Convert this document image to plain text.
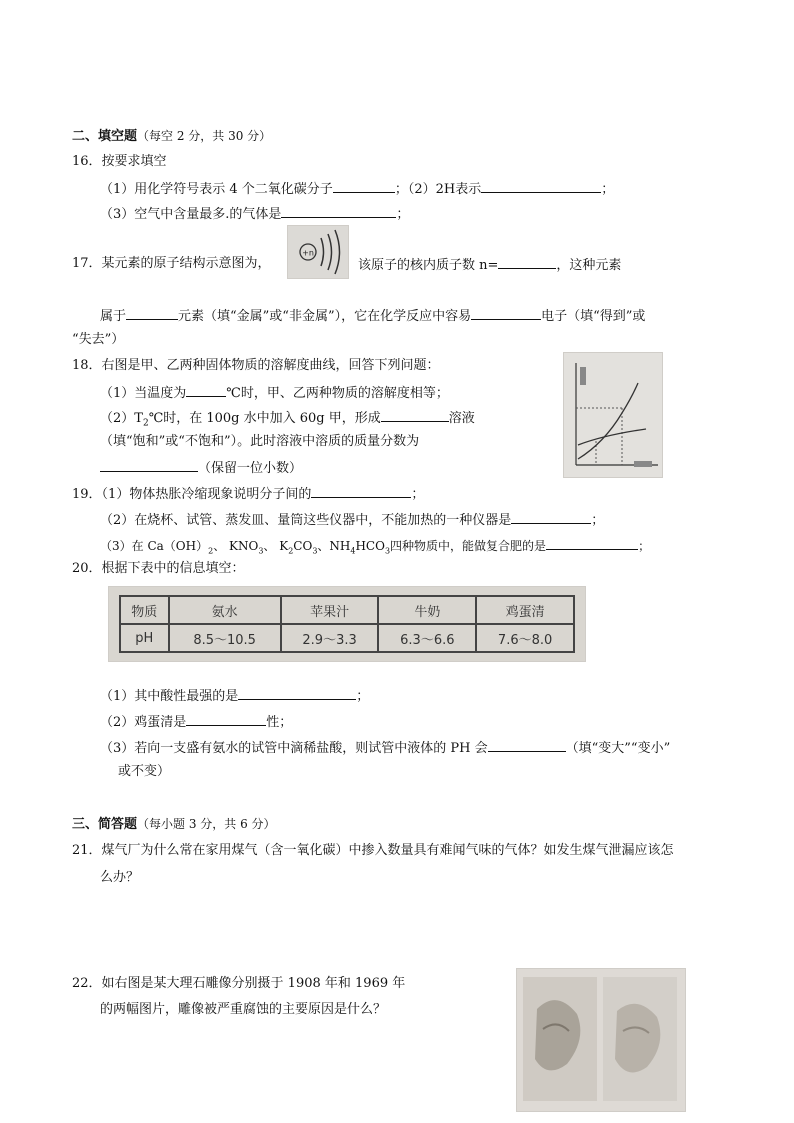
二、填空题（每空 2 分，共 30 分）
16．按要求填空
（1）用化学符号表示 4 个二氧化碳分子	；（2）2H表示	；
（3）空气中含量最多.的气体是	；
17．某元素的原子结构示意图为，
+n
该原子的核内质子数 n=	，这种元素
属于	元素（填“金属”或“非金属”），它在化学反应中容易	电子（填“得到”或
“失去”）
18．右图是甲、乙两种固体物质的溶解度曲线，回答下列问题：
（1）当温度为	℃时，甲、乙两种物质的溶解度相等；
$(2)T_2℃$时，在 100g 水中加入 60g 甲，形成	溶液
（填“饱和”或“不饱和”）。此时溶液中溶质的质量分数为
（保留一位小数）
19．（1）物体热胀冷缩现象说明分子间的	；
（2）在烧杯、试管、蒸发皿、量筒这些仪器中，不能加热的一种仪器是	；
（3）在 $Ca(OH)_2$、 $KNO_3$、 $K_2CO_3$、$NH_4HCO_3$四种物质中，能做复合肥的是	；
20．根据下表中的信息填空：
物质	氨水	苹果汁	牛奶	鸡蛋清
pH	8.5～10.5	2.9～3.3	6.3～6.6	7.6～8.0
（1）其中酸性最强的是	；
（2）鸡蛋清是	性；
（3）若向一支盛有氨水的试管中滴稀盐酸，则试管中液体的 PH 会	（填“变大”“变小”
或不变）
三、简答题（每小题 3 分，共 6 分）
21．煤气厂为什么常在家用煤气（含一氧化碳）中掺入数量具有难闻气味的气体？如发生煤气泄漏应该怎
么办？
22．如右图是某大理石雕像分别摄于 1908 年和 1969 年
的两幅图片，雕像被严重腐蚀的主要原因是什么？
